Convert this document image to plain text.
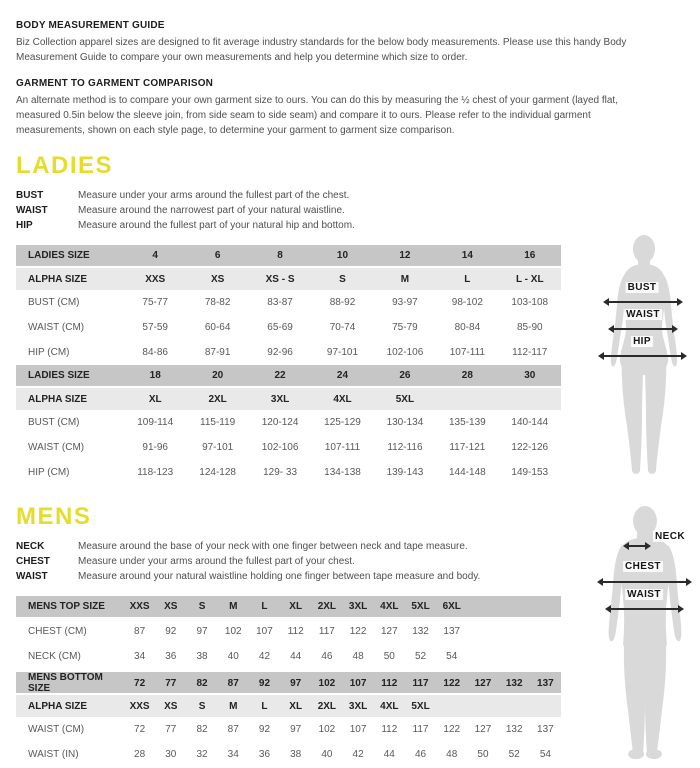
BODY MEASUREMENT GUIDE
Biz Collection apparel sizes are designed to fit average industry standards for the below body measurements. Please use this handy Body Measurement Guide to compare your own measurements and help you determine which size to order.
GARMENT TO GARMENT COMPARISON
An alternate method is to compare your own garment size to ours. You can do this by measuring the ½ chest of your garment (layed flat, measured 0.5in below the sleeve join, from side seam to side seam) and compare it to ours. Please refer to the individual garment measurements, shown on each style page, to determine your garment to garment size comparison.
LADIES
BUST	Measure under your arms around the fullest part of the chest.
WAIST	Measure around the narrowest part of your natural waistline.
HIP	Measure around the fullest part of your natural hip and bottom.
LADIES SIZE	4	6	8	10	12	14	16
ALPHA SIZE	XXS	XS	XS - S	S	M	L	L - XL
BUST (CM)	75-77	78-82	83-87	88-92	93-97	98-102	103-108
WAIST (CM)	57-59	60-64	65-69	70-74	75-79	80-84	85-90
HIP (CM)	84-86	87-91	92-96	97-101	102-106	107-111	112-117
LADIES SIZE	18	20	22	24	26	28	30
ALPHA SIZE	XL	2XL	3XL	4XL	5XL
BUST (CM)	109-114	115-119	120-124	125-129	130-134	135-139	140-144
WAIST (CM)	91-96	97-101	102-106	107-111	112-116	117-121	122-126
HIP (CM)	118-123	124-128	129- 33	134-138	139-143	144-148	149-153
BUST
WAIST
HIP
MENS
NECK	Measure around the base of your neck with one finger between neck and tape measure.
CHEST	Measure under your arms around the fullest part of your chest.
WAIST	Measure around your natural waistline holding one finger between tape measure and body.
MENS TOP SIZE	XXS	XS	S	M	L	XL	2XL	3XL	4XL	5XL	6XL
CHEST (CM)	87	92	97	102	107	112	117	122	127	132	137
NECK (CM)	34	36	38	40	42	44	46	48	50	52	54
MENS BOTTOM SIZE	72	77	82	87	92	97	102	107	112	117	122	127	132	137
ALPHA SIZE	XXS	XS	S	M	L	XL	2XL	3XL	4XL	5XL
WAIST (CM)	72	77	82	87	92	97	102	107	112	117	122	127	132	137
WAIST (IN)	28	30	32	34	36	38	40	42	44	46	48	50	52	54
NECK
CHEST
WAIST
